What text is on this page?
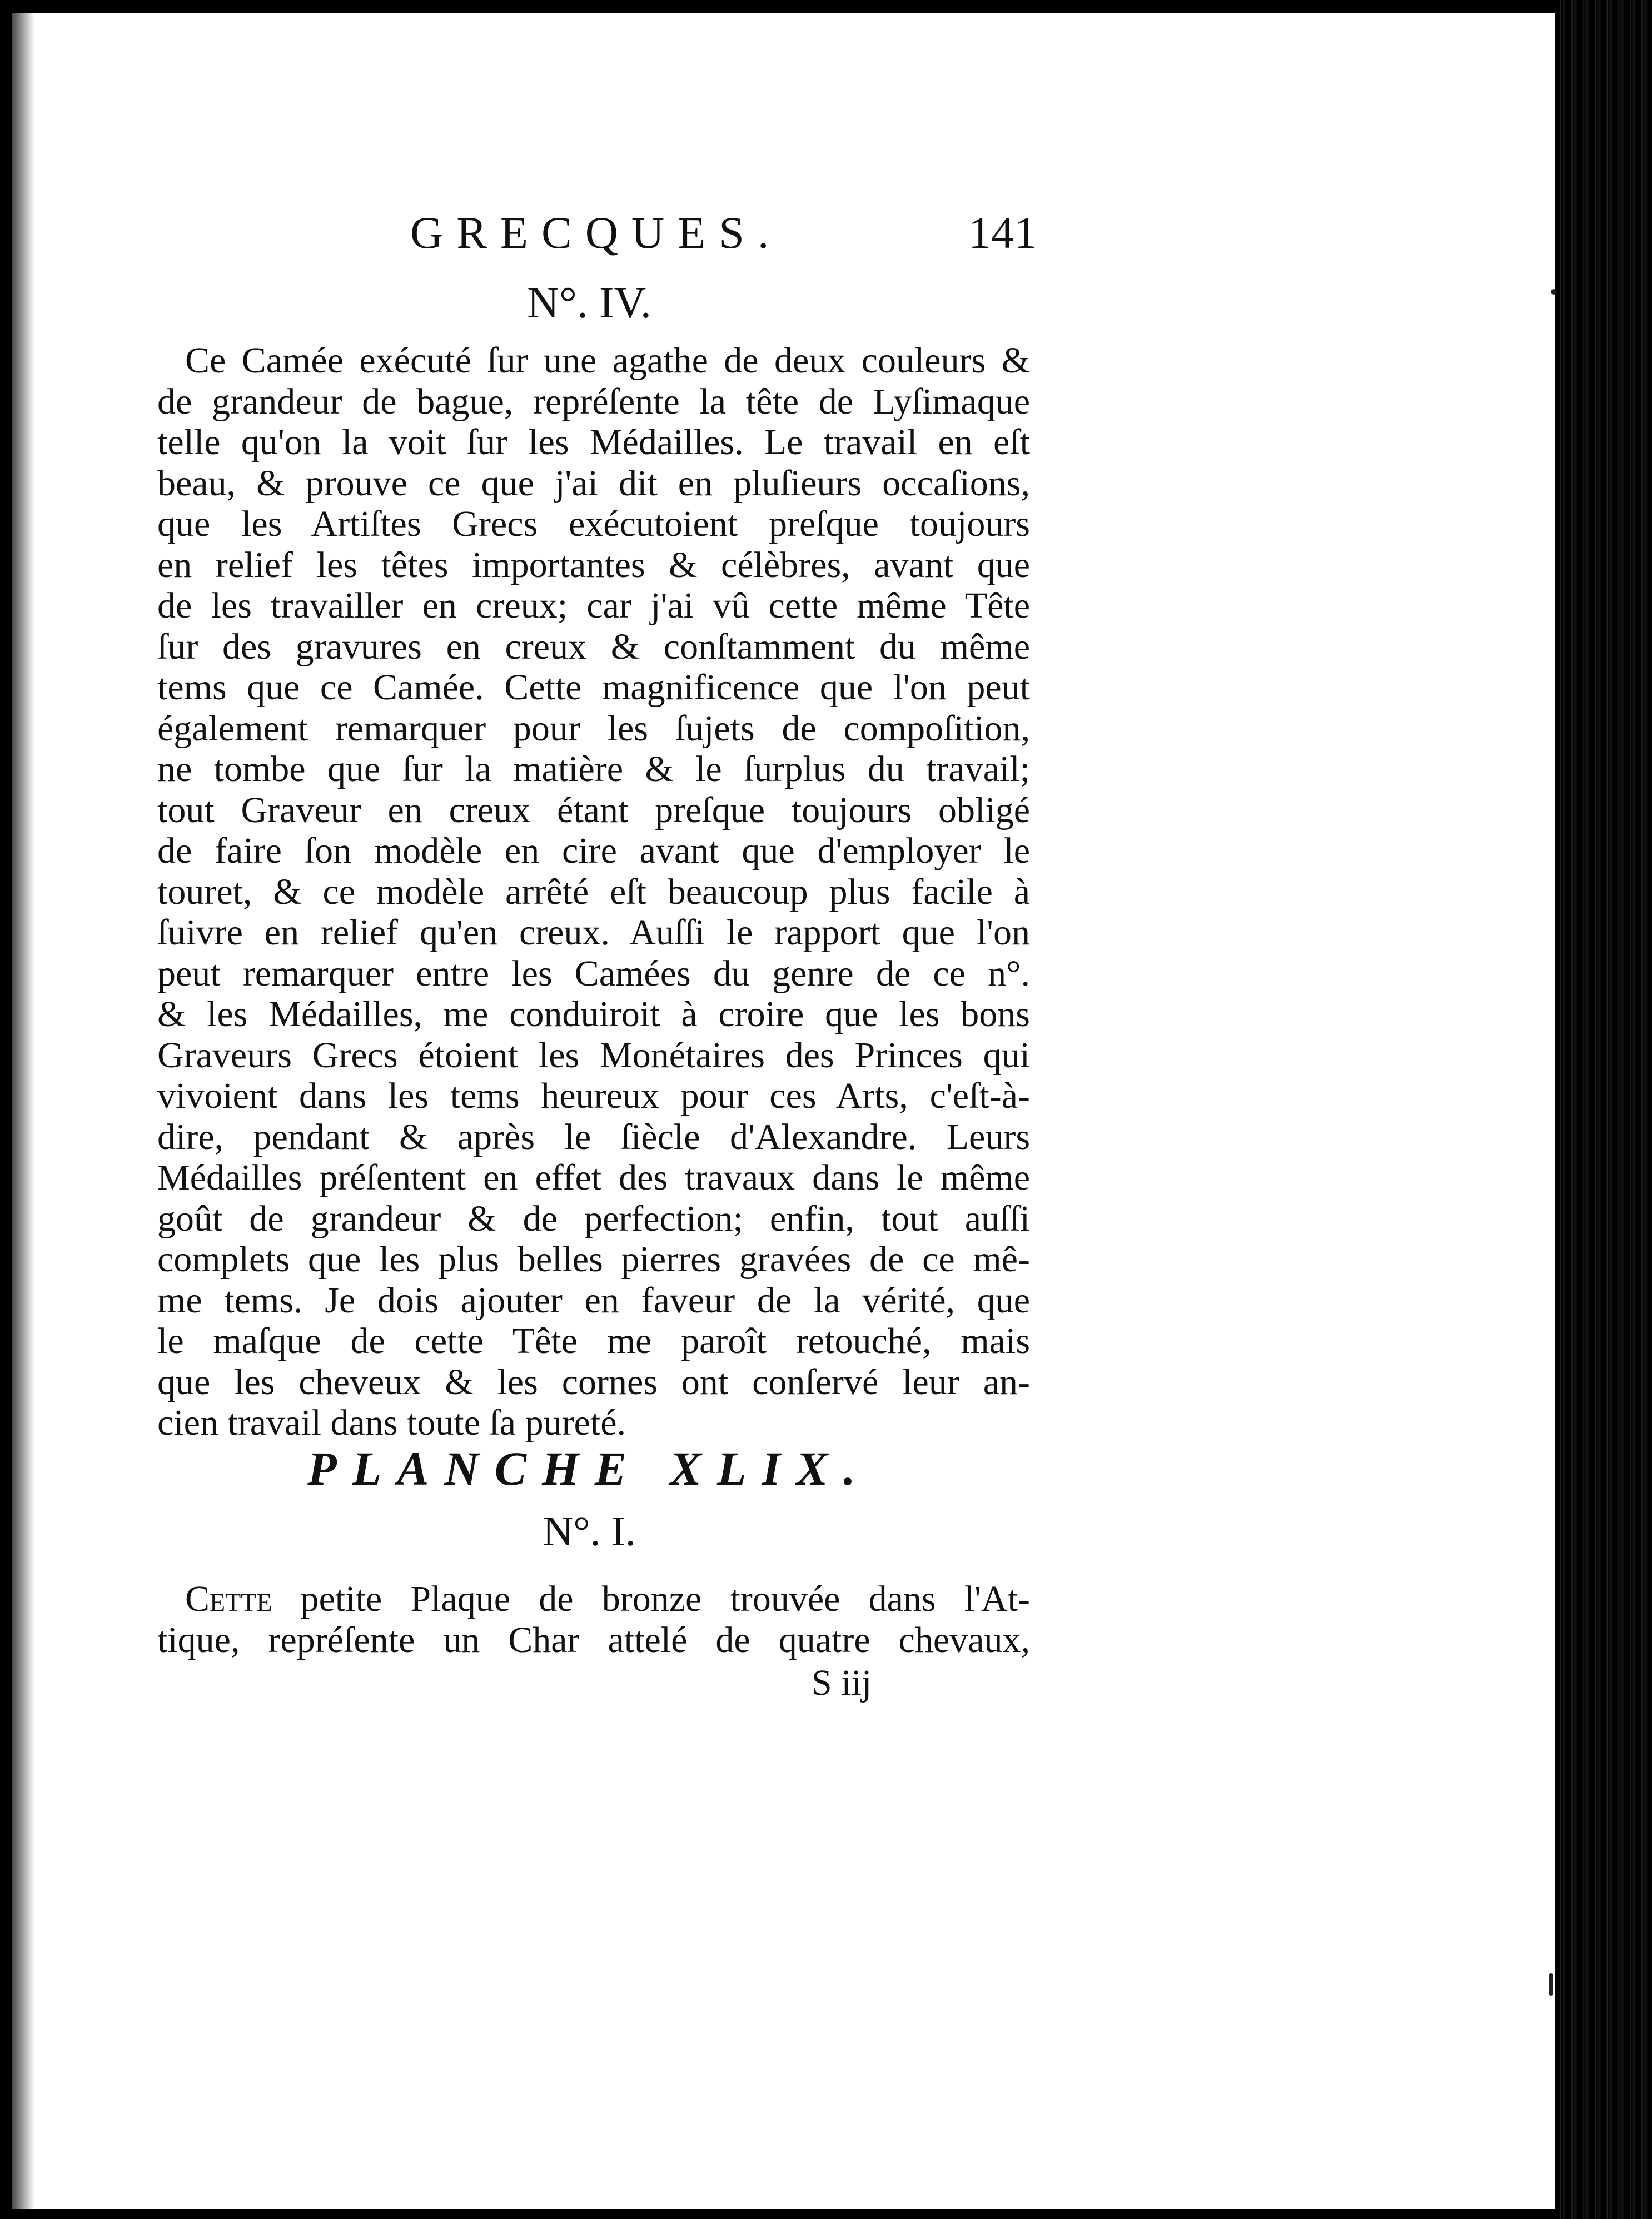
GRECQUES.	141
N°. IV.
Ce Camée exécuté ſur une agathe de deux couleurs &
de grandeur de bague, repréſente la tête de Lyſimaque
telle qu'on la voit ſur les Médailles. Le travail en eſt
beau, & prouve ce que j'ai dit en pluſieurs occaſions,
que les Artiſtes Grecs exécutoient preſque toujours
en relief les têtes importantes & célèbres, avant que
de les travailler en creux; car j'ai vû cette même Tête
ſur des gravures en creux & conſtamment du même
tems que ce Camée. Cette magnificence que l'on peut
également remarquer pour les ſujets de compoſition,
ne tombe que ſur la matière & le ſurplus du travail;
tout Graveur en creux étant preſque toujours obligé
de faire ſon modèle en cire avant que d'employer le
touret, & ce modèle arrêté eſt beaucoup plus facile à
ſuivre en relief qu'en creux. Auſſi le rapport que l'on
peut remarquer entre les Camées du genre de ce n°.
& les Médailles, me conduiroit à croire que les bons
Graveurs Grecs étoient les Monétaires des Princes qui
vivoient dans les tems heureux pour ces Arts, c'eſt-à-
dire, pendant & après le ſiècle d'Alexandre. Leurs
Médailles préſentent en effet des travaux dans le même
goût de grandeur & de perfection; enfin, tout auſſi
complets que les plus belles pierres gravées de ce mê-
me tems. Je dois ajouter en faveur de la vérité, que
le maſque de cette Tête me paroît retouché, mais
que les cheveux & les cornes ont conſervé leur an-
cien travail dans toute ſa pureté.
PLANCHE XLIX.
N°. I.
Cette petite Plaque de bronze trouvée dans l'At-
tique, repréſente un Char attelé de quatre chevaux,
S iij
